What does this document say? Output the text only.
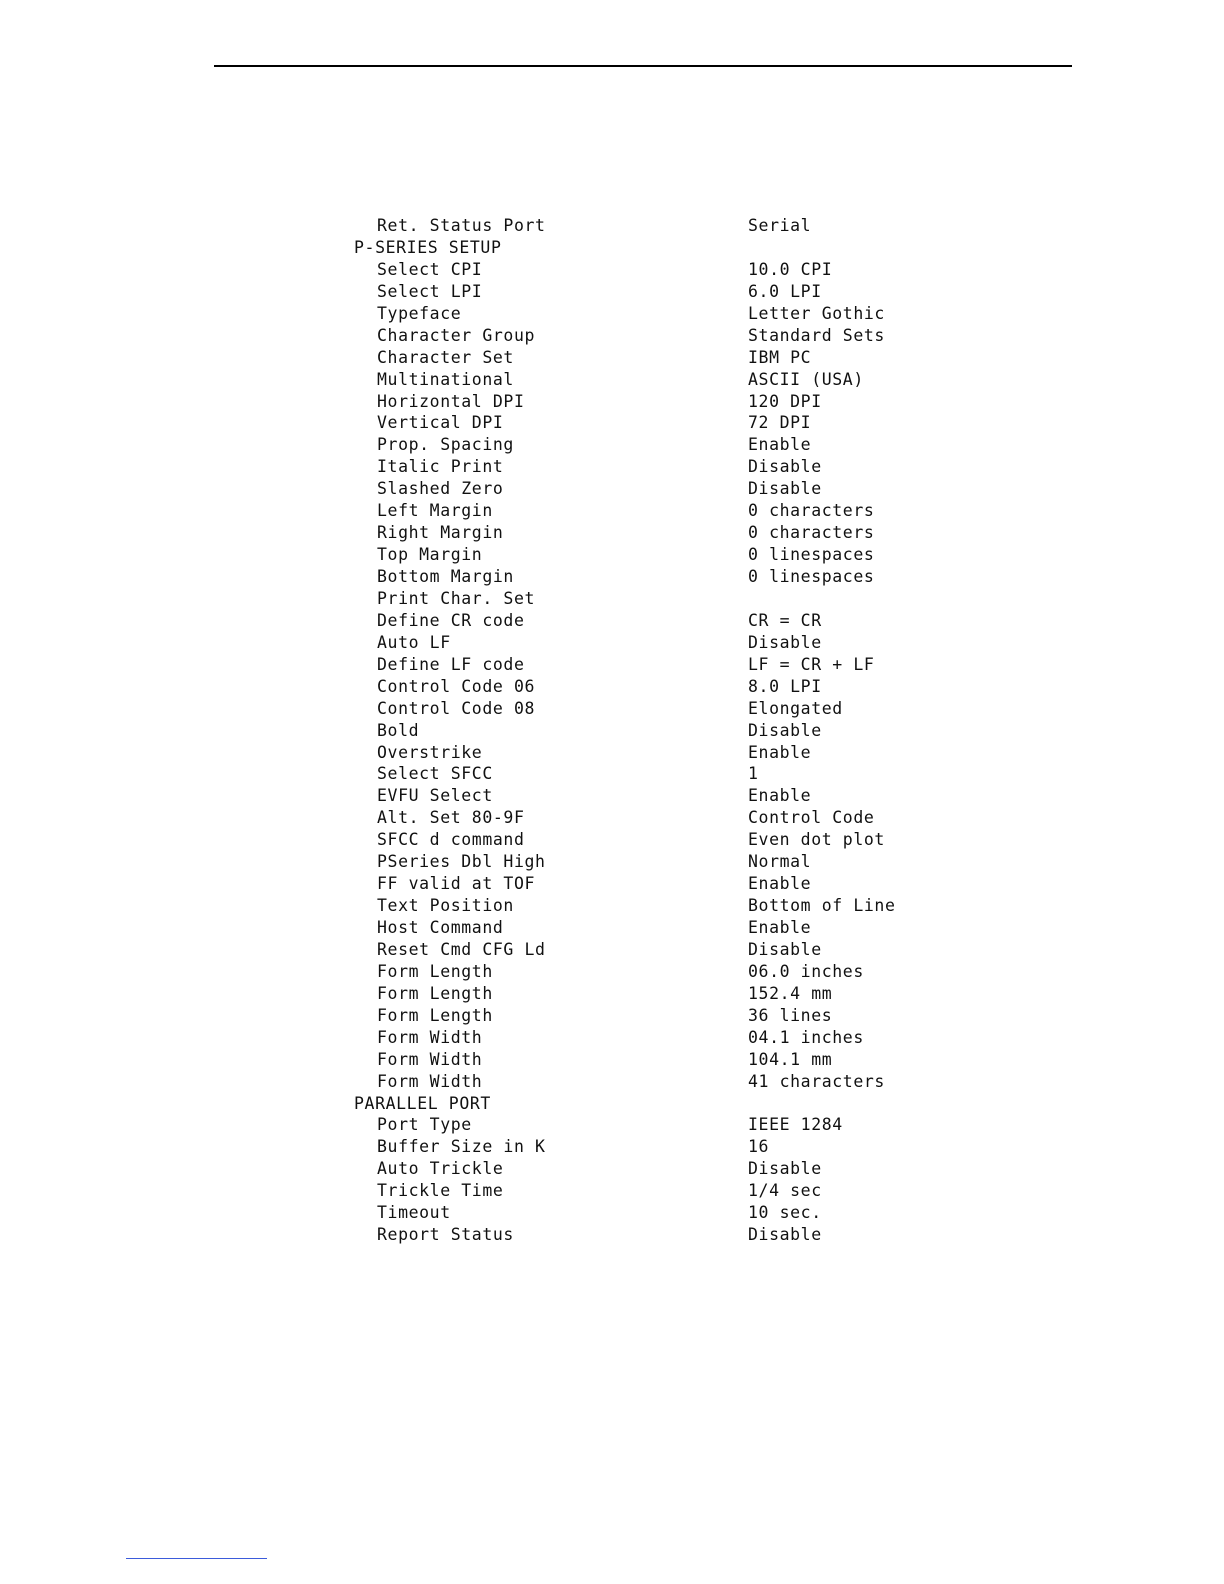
Ret. Status Port	Serial
P-SERIES SETUP
Select CPI	10.0 CPI
Select LPI	6.0 LPI
Typeface	Letter Gothic
Character Group	Standard Sets
Character Set	IBM PC
Multinational	ASCII (USA)
Horizontal DPI	120 DPI
Vertical DPI	72 DPI
Prop. Spacing	Enable
Italic Print	Disable
Slashed Zero	Disable
Left Margin	0 characters
Right Margin	0 characters
Top Margin	0 linespaces
Bottom Margin	0 linespaces
Print Char. Set
Define CR code	CR = CR
Auto LF	Disable
Define LF code	LF = CR + LF
Control Code 06	8.0 LPI
Control Code 08	Elongated
Bold	Disable
Overstrike	Enable
Select SFCC	1
EVFU Select	Enable
Alt. Set 80-9F	Control Code
SFCC d command	Even dot plot
PSeries Dbl High	Normal
FF valid at TOF	Enable
Text Position	Bottom of Line
Host Command	Enable
Reset Cmd CFG Ld	Disable
Form Length	06.0 inches
Form Length	152.4 mm
Form Length	36 lines
Form Width	04.1 inches
Form Width	104.1 mm
Form Width	41 characters
PARALLEL PORT
Port Type	IEEE 1284
Buffer Size in K	16
Auto Trickle	Disable
Trickle Time	1/4 sec
Timeout	10 sec.
Report Status	Disable
